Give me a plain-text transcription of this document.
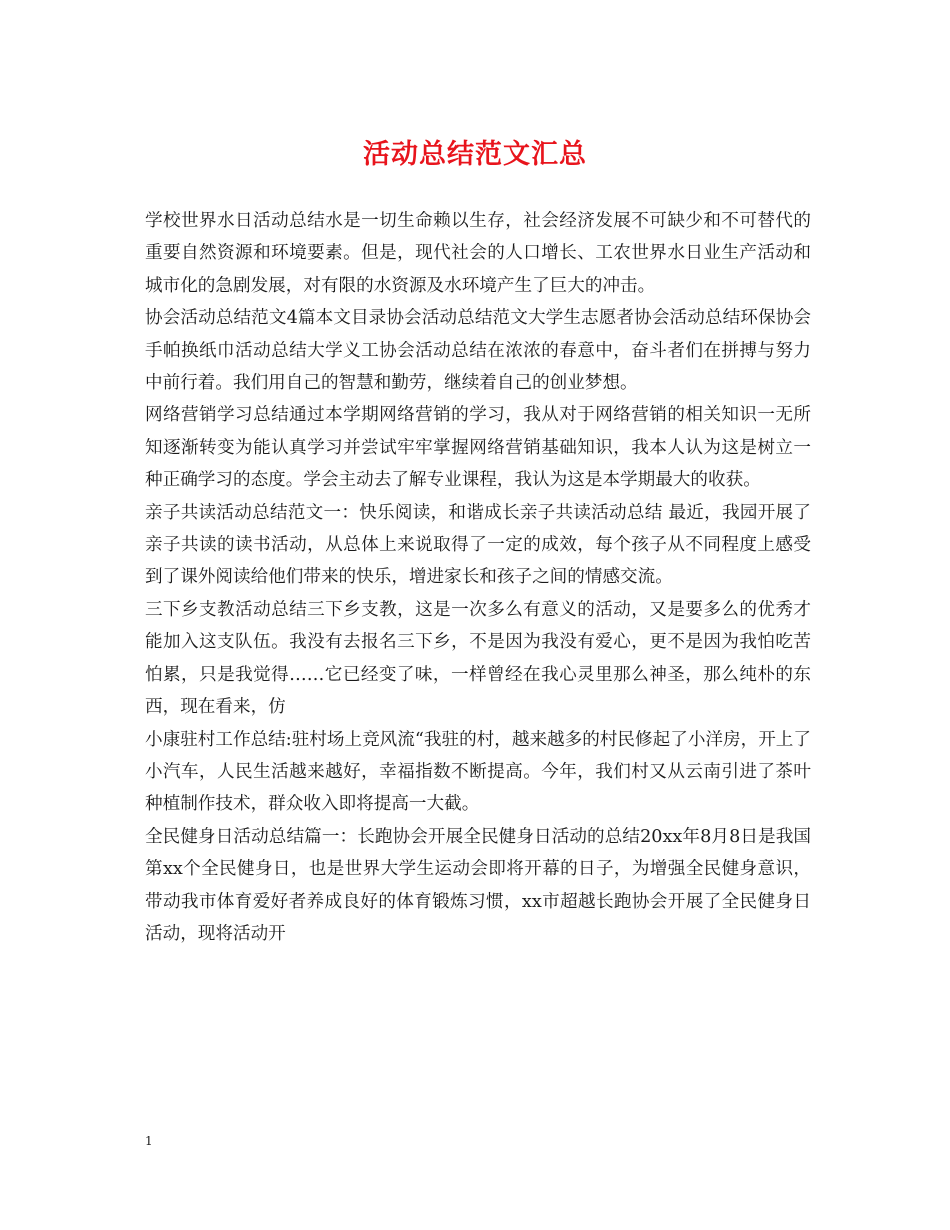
活动总结范文汇总

学校世界水日活动总结水是一切生命赖以生存，社会经济发展不可缺少和不可替代的重要自然资源和环境要素。但是，现代社会的人口增长、工农世界水日业生产活动和城市化的急剧发展，对有限的水资源及水环境产生了巨大的冲击。

协会活动总结范文4篇本文目录协会活动总结范文大学生志愿者协会活动总结环保协会手帕换纸巾活动总结大学义工协会活动总结在浓浓的春意中，奋斗者们在拼搏与努力中前行着。我们用自己的智慧和勤劳，继续着自己的创业梦想。

网络营销学习总结通过本学期网络营销的学习，我从对于网络营销的相关知识一无所知逐渐转变为能认真学习并尝试牢牢掌握网络营销基础知识，我本人认为这是树立一种正确学习的态度。学会主动去了解专业课程，我认为这是本学期最大的收获。

亲子共读活动总结范文一：快乐阅读，和谐成长亲子共读活动总结 最近，我园开展了亲子共读的读书活动，从总体上来说取得了一定的成效，每个孩子从不同程度上感受到了课外阅读给他们带来的快乐，增进家长和孩子之间的情感交流。

三下乡支教活动总结三下乡支教，这是一次多么有意义的活动，又是要多么的优秀才能加入这支队伍。我没有去报名三下乡，不是因为我没有爱心，更不是因为我怕吃苦怕累，只是我觉得……它已经变了味，一样曾经在我心灵里那么神圣，那么纯朴的东西，现在看来，仿

小康驻村工作总结:驻村场上竞风流“我驻的村，越来越多的村民修起了小洋房，开上了小汽车，人民生活越来越好，幸福指数不断提高。今年，我们村又从云南引进了茶叶种植制作技术，群众收入即将提高一大截。

全民健身日活动总结篇一：长跑协会开展全民健身日活动的总结20xx年8月8日是我国第xx个全民健身日，也是世界大学生运动会即将开幕的日子，为增强全民健身意识，带动我市体育爱好者养成良好的体育锻炼习惯，xx市超越长跑协会开展了全民健身日活动，现将活动开

1
